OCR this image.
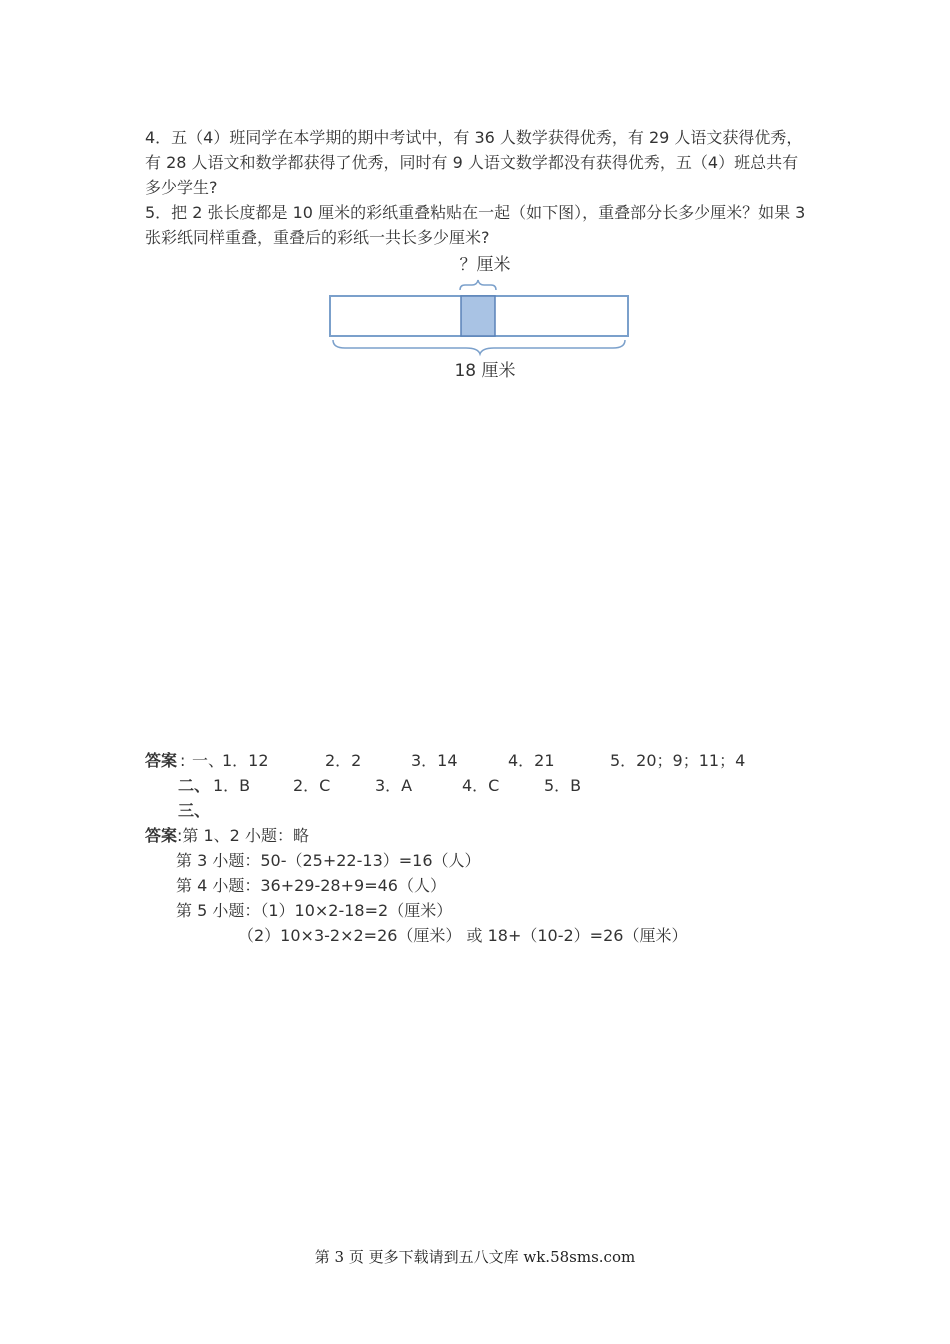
4．五（4）班同学在本学期的期中考试中，有 36 人数学获得优秀，有 29 人语文获得优秀，有 28 人语文和数学都获得了优秀，同时有 9 人语文数学都没有获得优秀，五（4）班总共有多少学生?
5．把 2 张长度都是 10 厘米的彩纸重叠粘贴在一起（如下图），重叠部分长多少厘米？如果 3 张彩纸同样重叠，重叠后的彩纸一共长多少厘米?
？厘米
18 厘米
答案 : 一、
1．12	2．2	3．14	4．21	5．20；9；11；4
二、 1．B	2．C	3．A	4．C	5．B
三、
答案:第 1、2 小题：略
第 3 小题：50-（25+22-13）=16（人）
第 4 小题：36+29-28+9=46（人）
第 5 小题：（1）10×2-18=2（厘米）
（2）10×3-2×2=26（厘米） 或 18+（10-2）=26（厘米）
第 3 页 更多下载请到五八文库 wk.58sms.com
